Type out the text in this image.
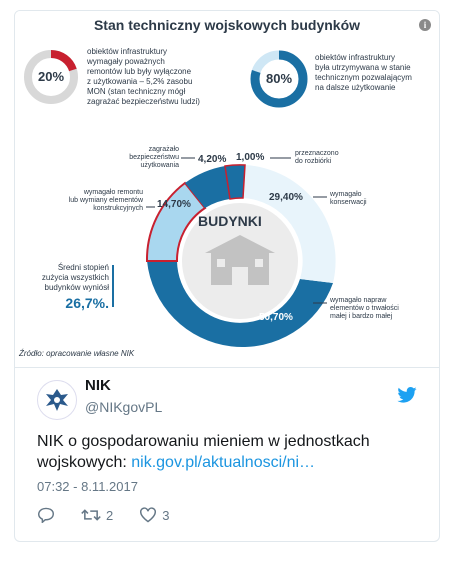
i
Stan techniczny wojskowych budynków
20%
obiektów infrastruktury
wymagały poważnych
remontów lub były wyłączone
z użytkowania – 5,2% zasobu
MON (stan techniczny mógł
zagrażać bezpieczeństwu ludzi)
80%
obiektów infrastruktury
była utrzymywana w stanie
technicznym pozwalającym
na dalsze użytkowanie
BUDYNKI
50,70%
29,40%
14,70%
4,20% 1,00%
zagrażało
bezpieczeństwu
użytkowania
przeznaczono
do rozbiórki
wymagało remontu
lub wymiany elementów
konstrukcyjnych
wymagało
konserwacji
wymagało napraw
elementów o trwałości
małej i bardzo małej
Średni stopień
zużycia wszystkich
budynków wyniósł
26,7%.
Źródło: opracowanie własne NIK
NIK
@NIKgovPL
NIK o gospodarowaniu mieniem w jednostkach wojskowych: nik.gov.pl/aktualnosci/ni…
07:32 - 8.11.2017
2	3
